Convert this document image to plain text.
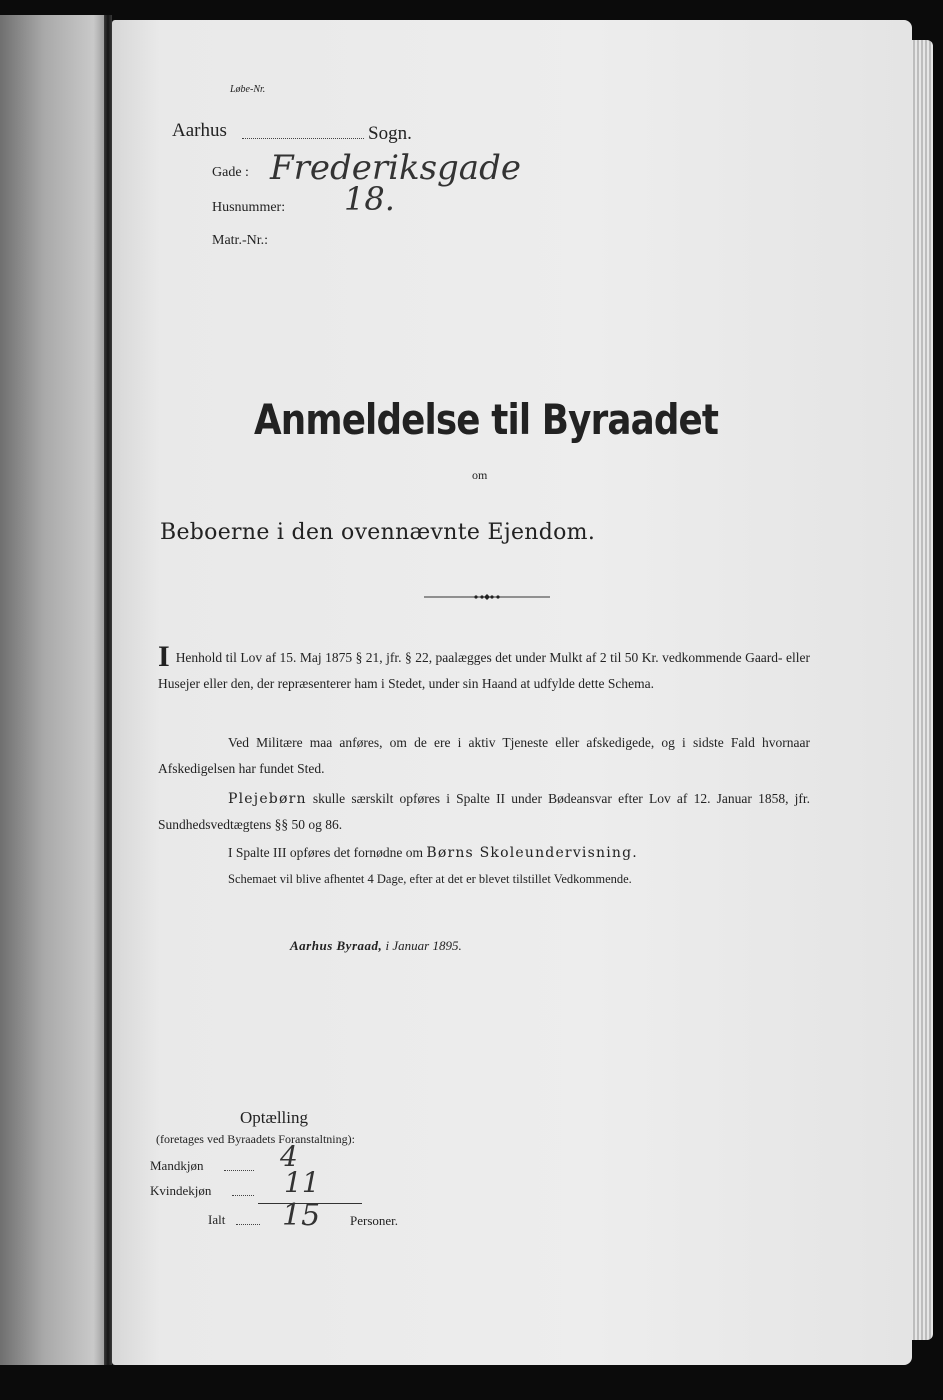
Løbe-Nr.
Aarhus	Sogn.
Gade : Frederiksgade
Husnummer: 18.
Matr.-Nr.:
Anmeldelse til Byraadet
om
Beboerne i den ovennævnte Ejendom.
I Henhold til Lov af 15. Maj 1875 § 21, jfr. § 22, paalægges det under Mulkt af 2 til 50 Kr. vedkommende Gaard- eller Husejer eller den, der repræsenterer ham i Stedet, under sin Haand at udfylde dette Schema.
Ved Militære maa anføres, om de ere i aktiv Tjeneste eller afskedigede, og i sidste Fald hvornaar Afskedigelsen har fundet Sted.
Plejebørn skulle særskilt opføres i Spalte II under Bødeansvar efter Lov af 12. Januar 1858, jfr. Sundhedsvedtægtens §§ 50 og 86.
I Spalte III opføres det fornødne om Børns Skoleundervisning.
Schemaet vil blive afhentet 4 Dage, efter at det er blevet tilstillet Vedkommende.
Aarhus Byraad, i Januar 1895.
Optælling
(foretages ved Byraadets Foranstaltning):
Mandkjøn	4
Kvindekjøn	11
Ialt 15 Personer.
